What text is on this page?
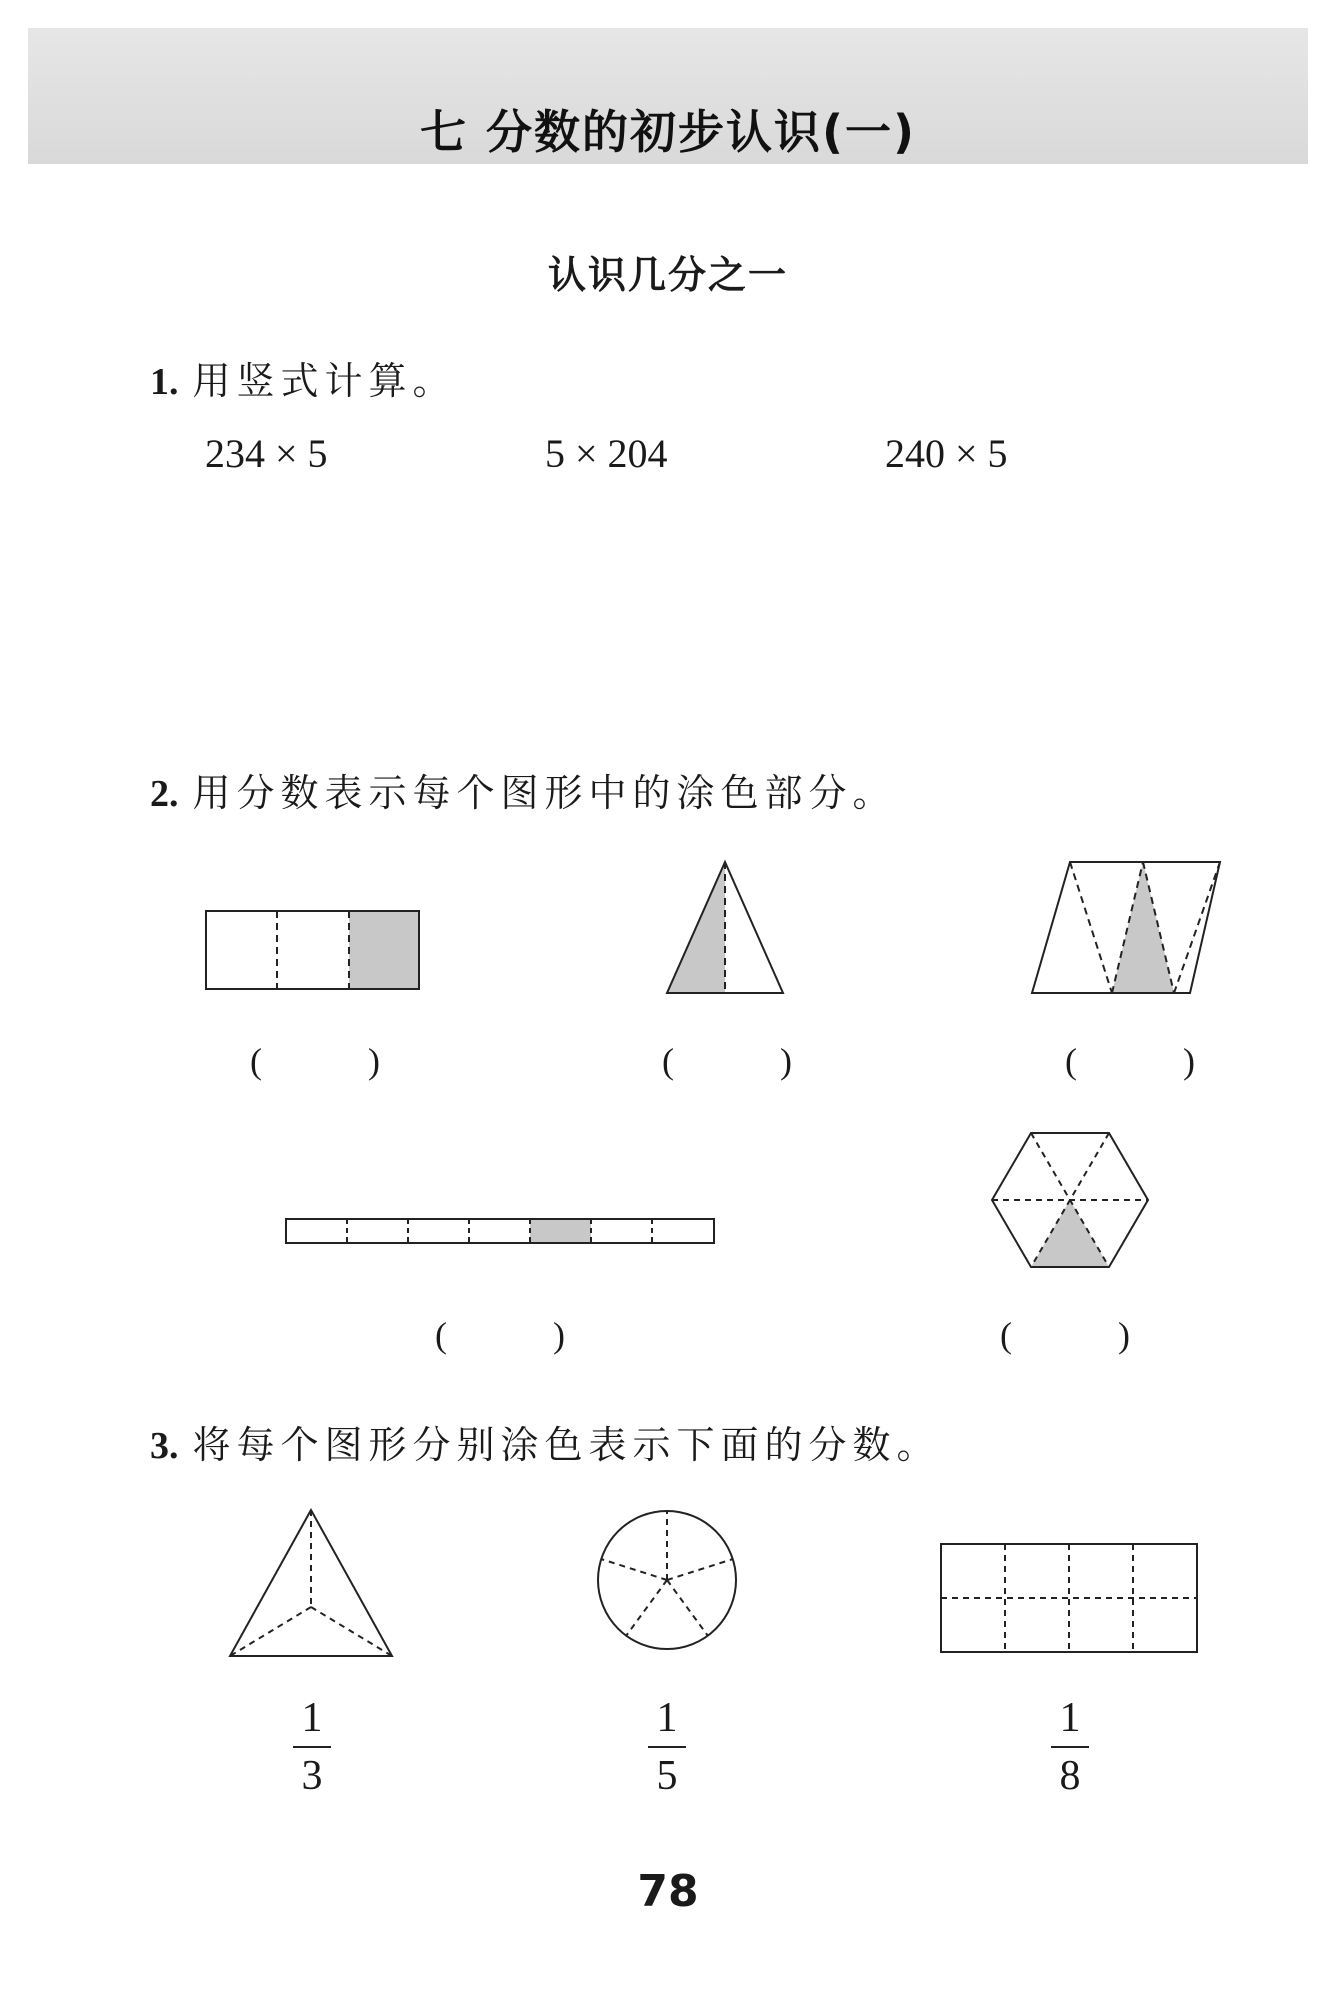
七 分数的初步认识(一)
认识几分之一
1. 用竖式计算。
234 × 5	5 × 204	240 × 5
2. 用分数表示每个图形中的涂色部分。
(	)	(	)	(	)
(	)	(	)
3. 将每个图形分别涂色表示下面的分数。
1
3
1
5
1
8
78
